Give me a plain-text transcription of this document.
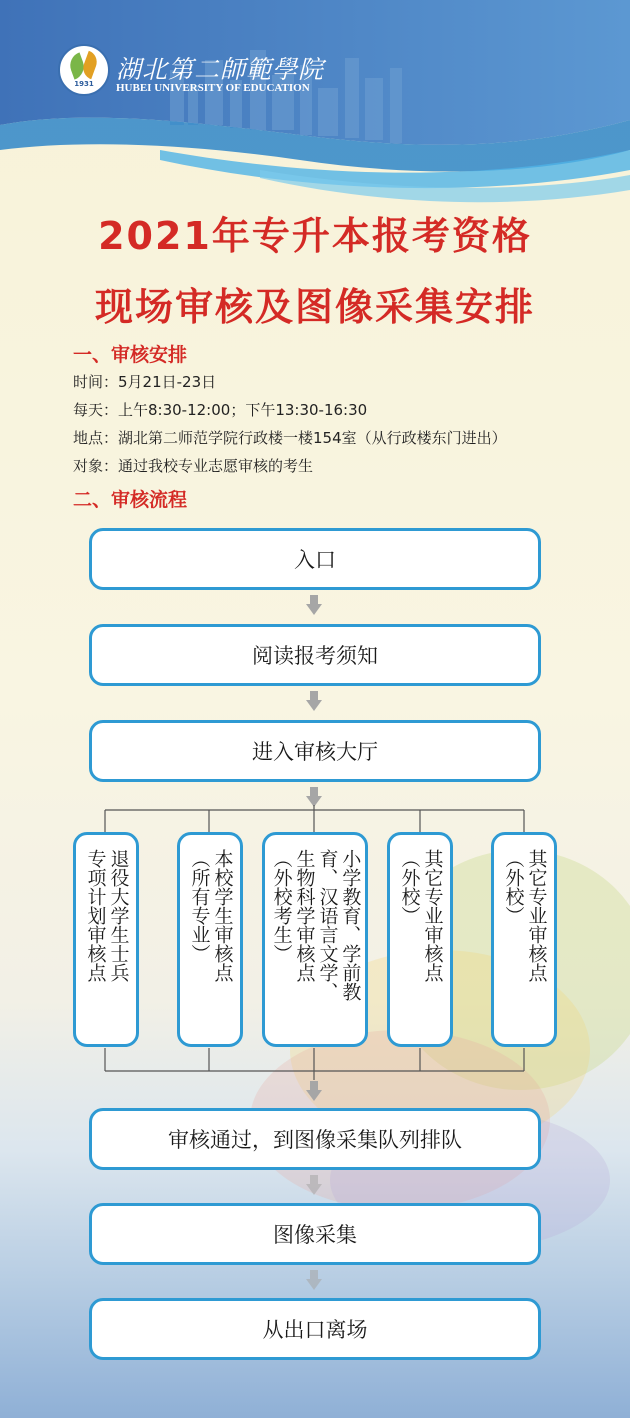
1931 湖北第二師範學院
HUBEI UNIVERSITY OF EDUCATION
2021年专升本报考资格
现场审核及图像采集安排
一、审核安排
时间：5月21日-23日
每天：上午8:30-12:00；下午13:30-16:30
地点：湖北第二师范学院行政楼一楼154室（从行政楼东门进出）
对象：通过我校专业志愿审核的考生
二、审核流程
入口
阅读报考须知
进入审核大厅
退役大学生士兵
专项计划审核点	本校学生审核点
（所有专业）	小学教育、学前教
育、汉语言文学、
生物科学审核点
（外校考生）	其它专业审核点
（外校）	其它专业审核点
（外校）
审核通过，到图像采集队列排队
图像采集
从出口离场
